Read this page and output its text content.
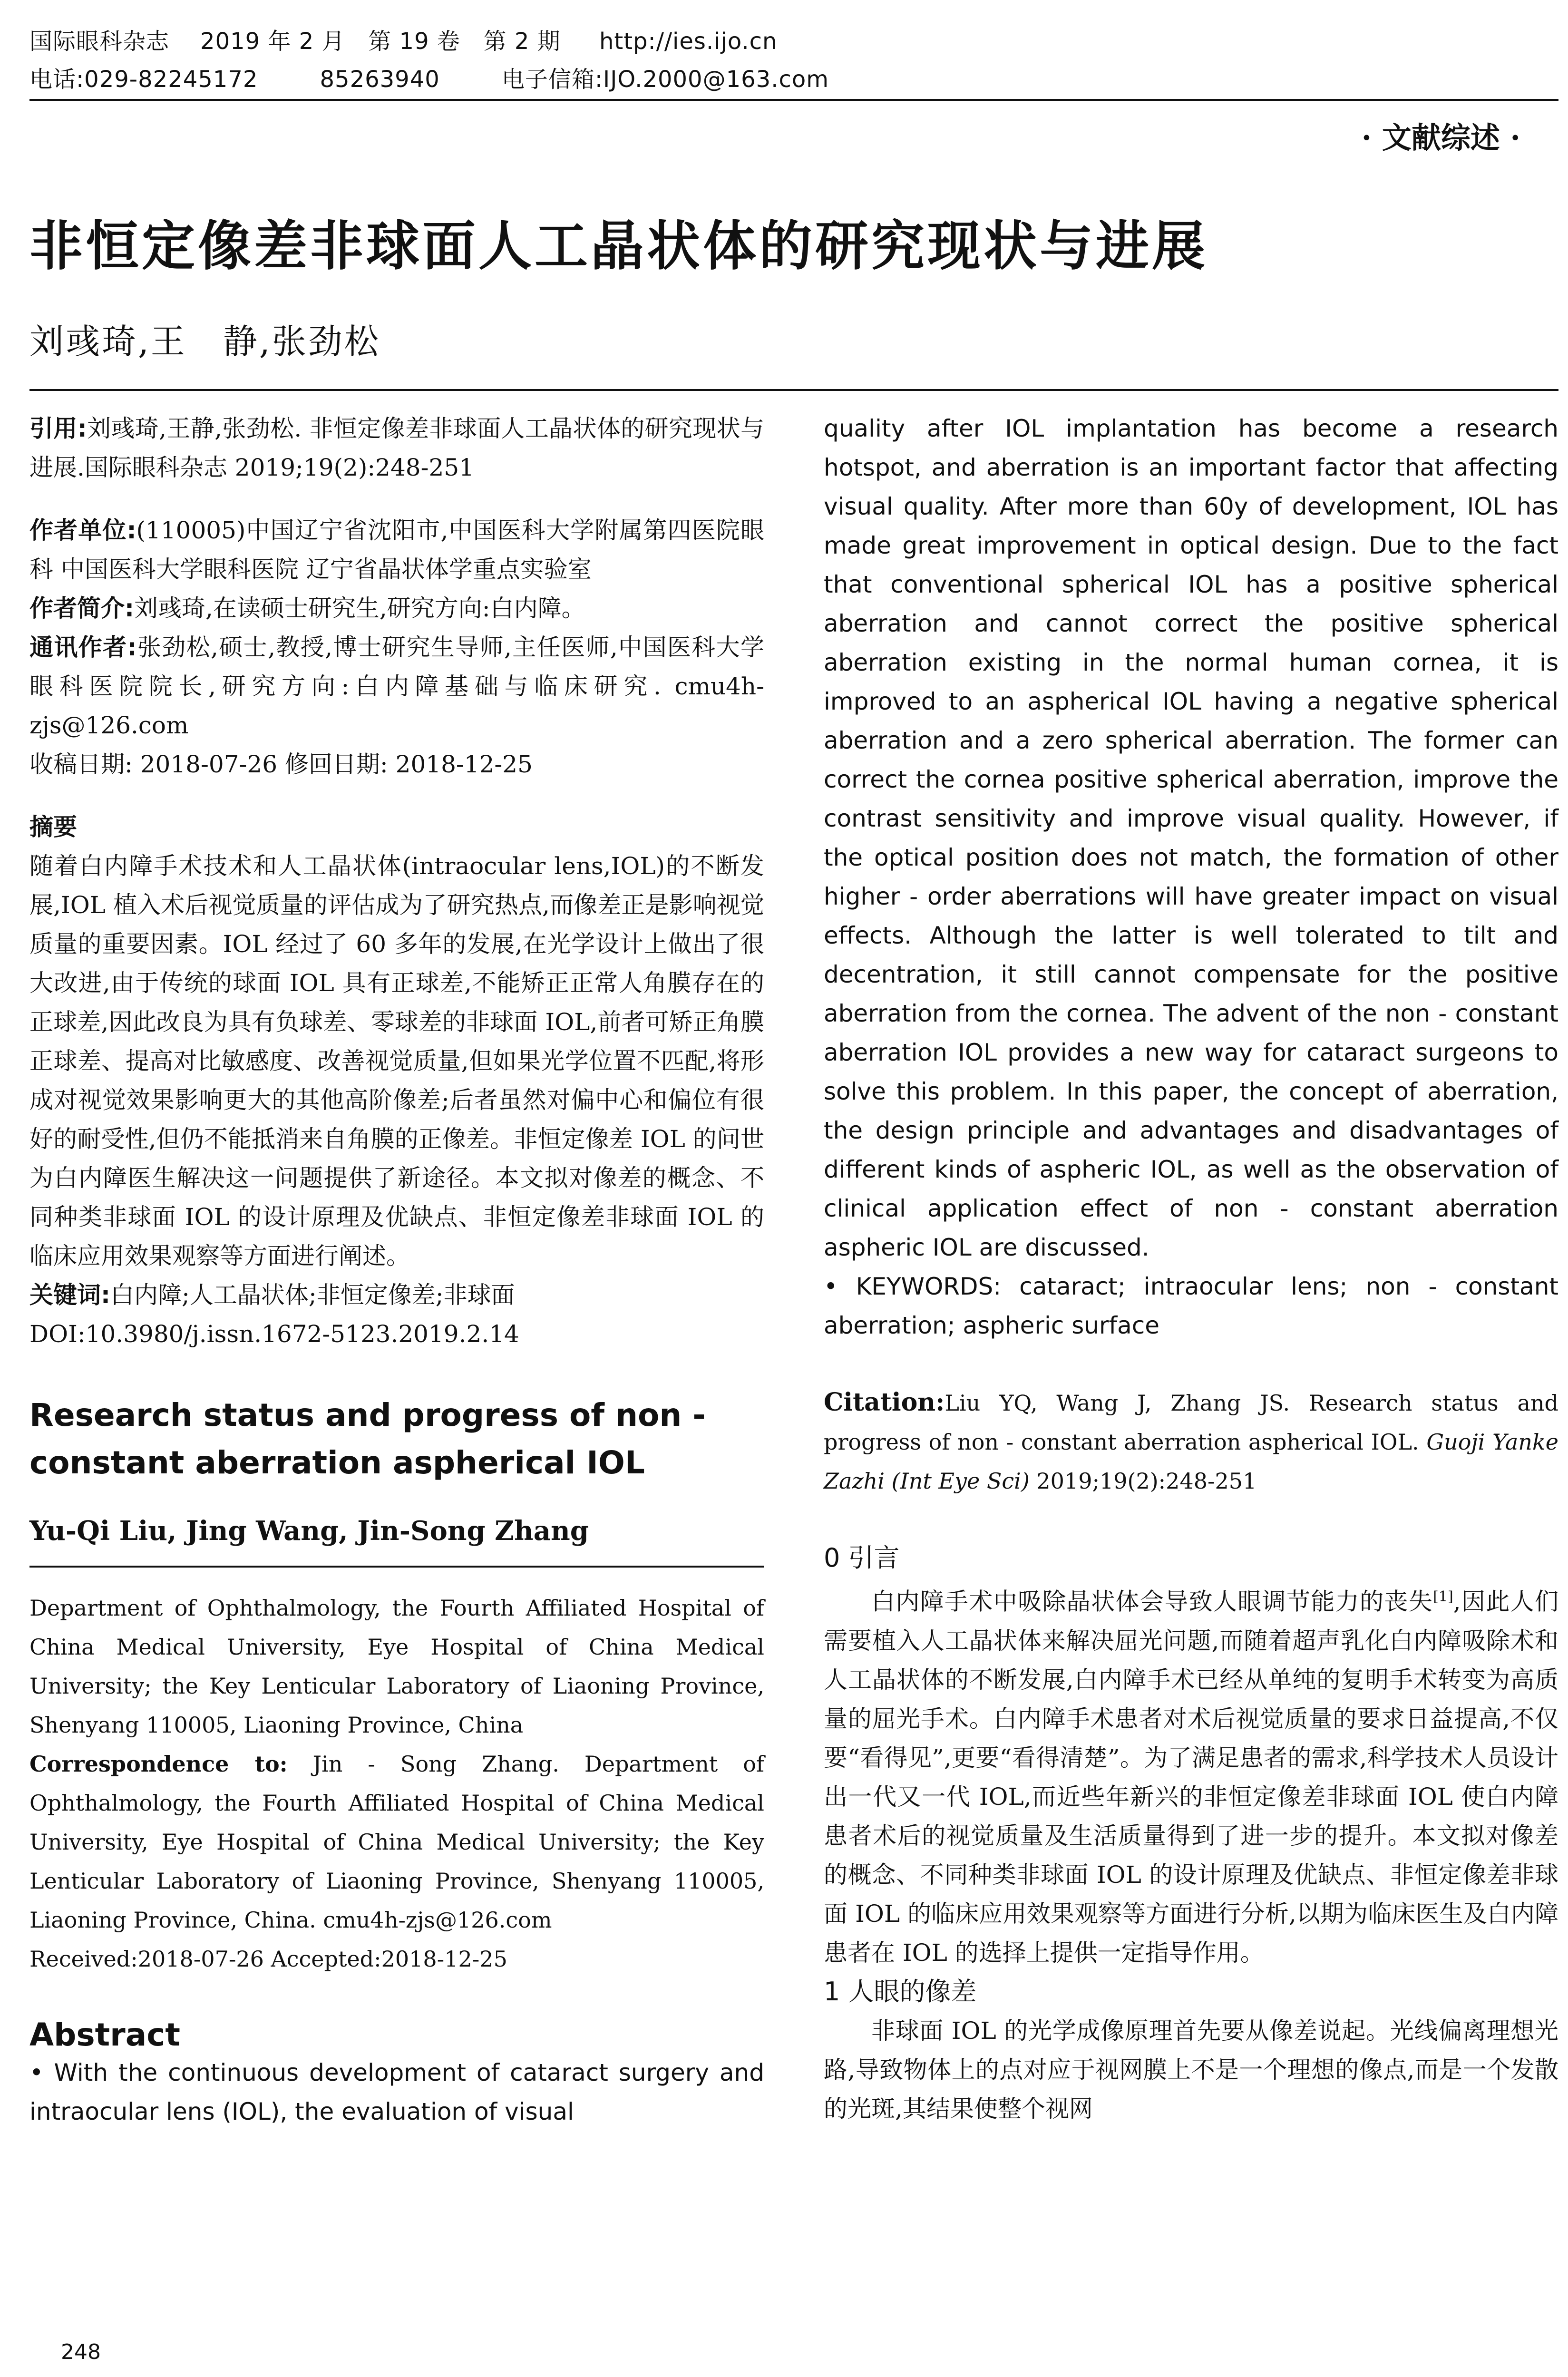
国际眼科杂志    2019 年 2 月   第 19 卷   第 2 期     http://ies.ijo.cn
电话:029-82245172        85263940        电子信箱:IJO.2000@163.com
· 文献综述 ·
非恒定像差非球面人工晶状体的研究现状与进展
刘彧琦,王　静,张劲松

引用:刘彧琦,王静,张劲松. 非恒定像差非球面人工晶状体的研究现状与进展.国际眼科杂志 2019;19(2):248-251

作者单位:(110005)中国辽宁省沈阳市,中国医科大学附属第四医院眼科 中国医科大学眼科医院 辽宁省晶状体学重点实验室

作者简介:刘彧琦,在读硕士研究生,研究方向:白内障。

通讯作者:张劲松,硕士,教授,博士研究生导师,主任医师,中国医科大学眼科医院院长,研究方向:白内障基础与临床研究. cmu4h-zjs@126.com

收稿日期: 2018-07-26 修回日期: 2018-12-25

摘要

随着白内障手术技术和人工晶状体(intraocular lens,IOL)的不断发展,IOL 植入术后视觉质量的评估成为了研究热点,而像差正是影响视觉质量的重要因素。IOL 经过了 60 多年的发展,在光学设计上做出了很大改进,由于传统的球面 IOL 具有正球差,不能矫正正常人角膜存在的正球差,因此改良为具有负球差、零球差的非球面 IOL,前者可矫正角膜正球差、提高对比敏感度、改善视觉质量,但如果光学位置不匹配,将形成对视觉效果影响更大的其他高阶像差;后者虽然对偏中心和偏位有很好的耐受性,但仍不能抵消来自角膜的正像差。非恒定像差 IOL 的问世为白内障医生解决这一问题提供了新途径。本文拟对像差的概念、不同种类非球面 IOL 的设计原理及优缺点、非恒定像差非球面 IOL 的临床应用效果观察等方面进行阐述。

关键词:白内障;人工晶状体;非恒定像差;非球面

DOI:10.3980/j.issn.1672-5123.2019.2.14

Research status and progress of non - constant aberration aspherical IOL

Yu-Qi Liu, Jing Wang, Jin-Song Zhang

Department of Ophthalmology, the Fourth Affiliated Hospital of China Medical University, Eye Hospital of China Medical University; the Key Lenticular Laboratory of Liaoning Province, Shenyang 110005, Liaoning Province, China

Correspondence to: Jin - Song Zhang. Department of Ophthalmology, the Fourth Affiliated Hospital of China Medical University, Eye Hospital of China Medical University; the Key Lenticular Laboratory of Liaoning Province, Shenyang 110005, Liaoning Province, China. cmu4h-zjs@126.com

Received:2018-07-26 Accepted:2018-12-25

Abstract

• With the continuous development of cataract surgery and intraocular lens (IOL), the evaluation of visual

quality after IOL implantation has become a research hotspot, and aberration is an important factor that affecting visual quality. After more than 60y of development, IOL has made great improvement in optical design. Due to the fact that conventional spherical IOL has a positive spherical aberration and cannot correct the positive spherical aberration existing in the normal human cornea, it is improved to an aspherical IOL having a negative spherical aberration and a zero spherical aberration. The former can correct the cornea positive spherical aberration, improve the contrast sensitivity and improve visual quality. However, if the optical position does not match, the formation of other higher - order aberrations will have greater impact on visual effects. Although the latter is well tolerated to tilt and decentration, it still cannot compensate for the positive aberration from the cornea. The advent of the non - constant aberration IOL provides a new way for cataract surgeons to solve this problem. In this paper, the concept of aberration, the design principle and advantages and disadvantages of different kinds of aspheric IOL, as well as the observation of clinical application effect of non - constant aberration aspheric IOL are discussed.

• KEYWORDS: cataract; intraocular lens; non - constant aberration; aspheric surface

Citation:Liu YQ, Wang J, Zhang JS. Research status and progress of non - constant aberration aspherical IOL. Guoji Yanke Zazhi (Int Eye Sci) 2019;19(2):248-251

0 引言

白内障手术中吸除晶状体会导致人眼调节能力的丧失[1],因此人们需要植入人工晶状体来解决屈光问题,而随着超声乳化白内障吸除术和人工晶状体的不断发展,白内障手术已经从单纯的复明手术转变为高质量的屈光手术。白内障手术患者对术后视觉质量的要求日益提高,不仅要“看得见”,更要“看得清楚”。为了满足患者的需求,科学技术人员设计出一代又一代 IOL,而近些年新兴的非恒定像差非球面 IOL 使白内障患者术后的视觉质量及生活质量得到了进一步的提升。本文拟对像差的概念、不同种类非球面 IOL 的设计原理及优缺点、非恒定像差非球面 IOL 的临床应用效果观察等方面进行分析,以期为临床医生及白内障患者在 IOL 的选择上提供一定指导作用。

1 人眼的像差

非球面 IOL 的光学成像原理首先要从像差说起。光线偏离理想光路,导致物体上的点对应于视网膜上不是一个理想的像点,而是一个发散的光斑,其结果使整个视网

248
